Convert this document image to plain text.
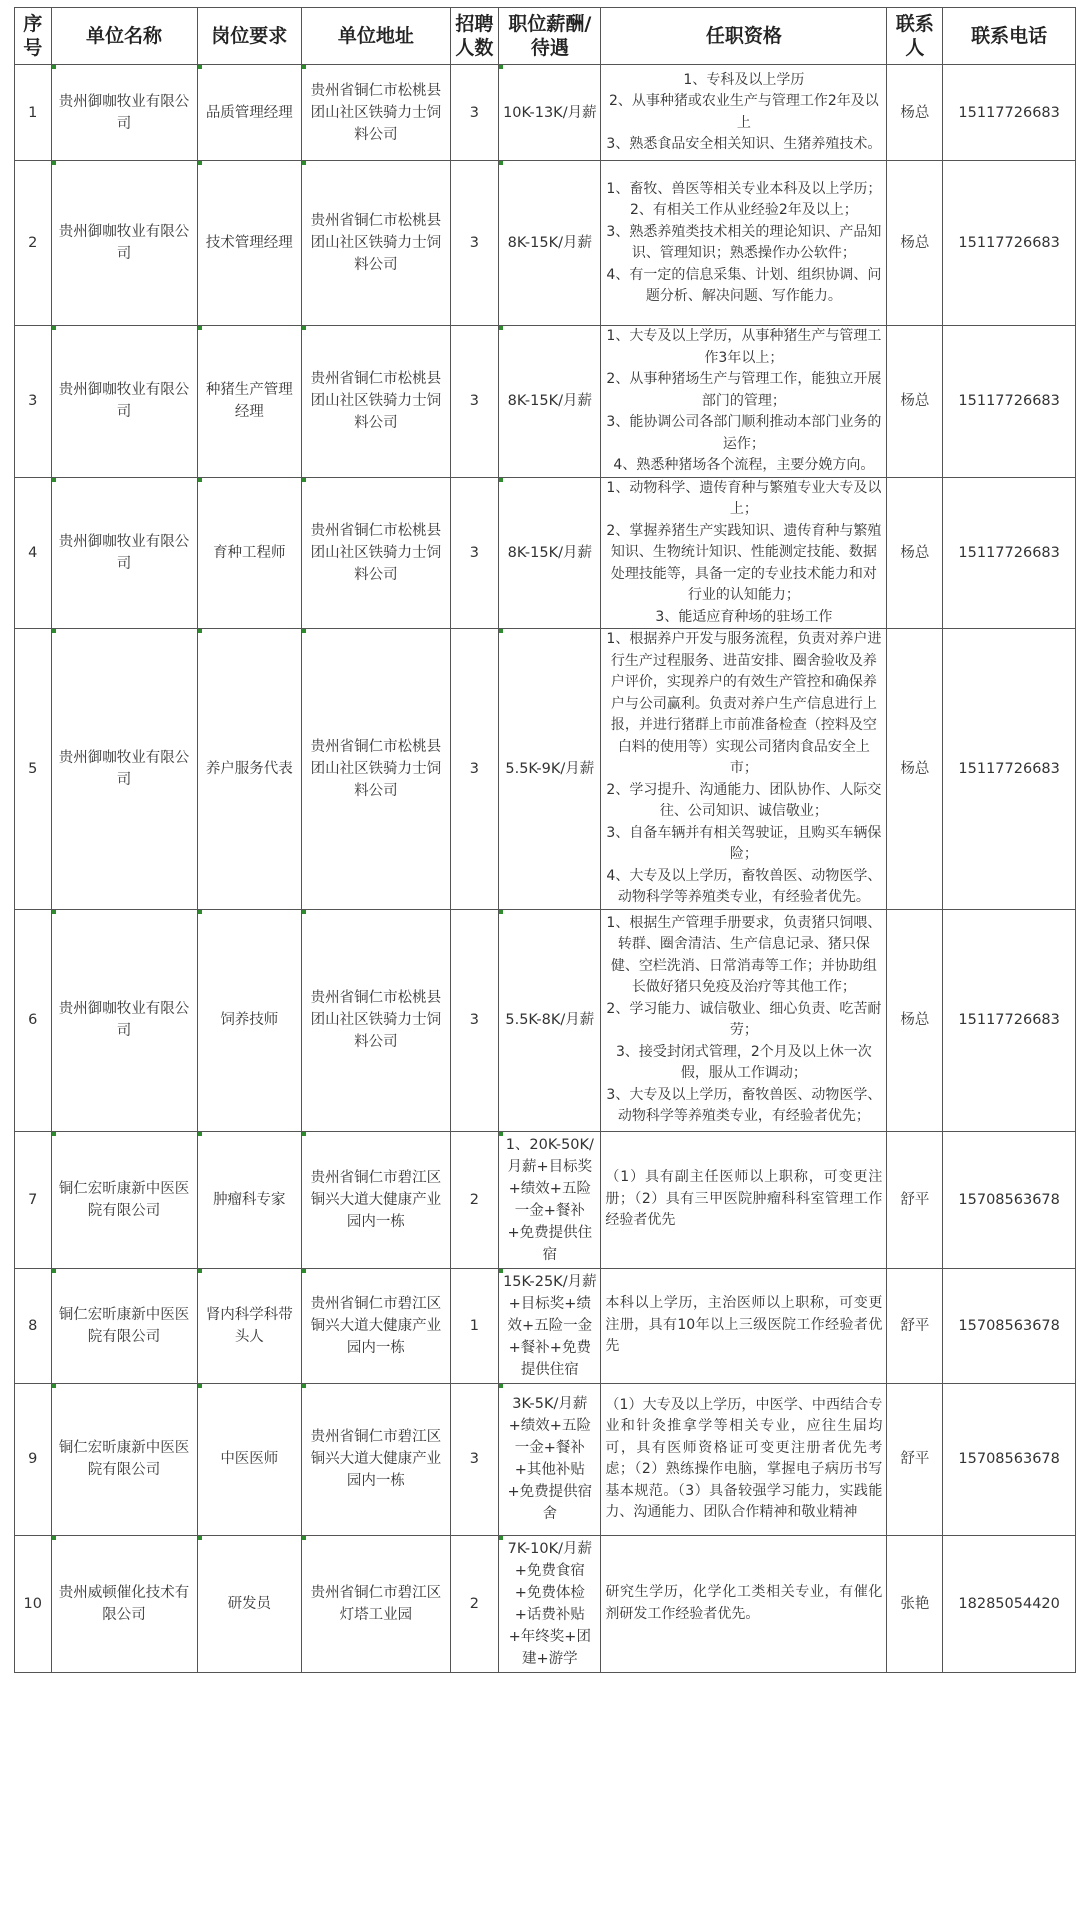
序号	单位名称	岗位要求	单位地址	招聘人数	职位薪酬/待遇	任职资格	联系人	联系电话
1	贵州御咖牧业有限公司	品质管理经理	贵州省铜仁市松桃县团山社区铁骑力士饲料公司	3	10K-13K/月薪	1、专科及以上学历
2、从事种猪或农业生产与管理工作2年及以上
3、熟悉食品安全相关知识、生猪养殖技术。	杨总	15117726683
2	贵州御咖牧业有限公司	技术管理经理	贵州省铜仁市松桃县团山社区铁骑力士饲料公司	3	8K-15K/月薪	1、畜牧、兽医等相关专业本科及以上学历；
2、有相关工作从业经验2年及以上；
3、熟悉养殖类技术相关的理论知识、产品知识、管理知识；熟悉操作办公软件；
4、有一定的信息采集、计划、组织协调、问题分析、解决问题、写作能力。	杨总	15117726683
3	贵州御咖牧业有限公司	种猪生产管理经理	贵州省铜仁市松桃县团山社区铁骑力士饲料公司	3	8K-15K/月薪	1、大专及以上学历，从事种猪生产与管理工作3年以上；
2、从事种猪场生产与管理工作，能独立开展部门的管理；
3、能协调公司各部门顺利推动本部门业务的运作；
4、熟悉种猪场各个流程，主要分娩方向。	杨总	15117726683
4	贵州御咖牧业有限公司	育种工程师	贵州省铜仁市松桃县团山社区铁骑力士饲料公司	3	8K-15K/月薪	1、动物科学、遗传育种与繁殖专业大专及以上；
2、掌握养猪生产实践知识、遗传育种与繁殖知识、生物统计知识、性能测定技能、数据处理技能等，具备一定的专业技术能力和对行业的认知能力；
3、能适应育种场的驻场工作	杨总	15117726683
5	贵州御咖牧业有限公司	养户服务代表	贵州省铜仁市松桃县团山社区铁骑力士饲料公司	3	5.5K-9K/月薪	1、根据养户开发与服务流程，负责对养户进行生产过程服务、进苗安排、圈舍验收及养户评价，实现养户的有效生产管控和确保养户与公司赢利。负责对养户生产信息进行上报，并进行猪群上市前准备检查（控料及空白料的使用等）实现公司猪肉食品安全上市；
2、学习提升、沟通能力、团队协作、人际交往、公司知识、诚信敬业；
3、自备车辆并有相关驾驶证，且购买车辆保险；
4、大专及以上学历，畜牧兽医、动物医学、动物科学等养殖类专业，有经验者优先。	杨总	15117726683
6	贵州御咖牧业有限公司	饲养技师	贵州省铜仁市松桃县团山社区铁骑力士饲料公司	3	5.5K-8K/月薪	1、根据生产管理手册要求，负责猪只饲喂、转群、圈舍清洁、生产信息记录、猪只保健、空栏洗消、日常消毒等工作；并协助组长做好猪只免疫及治疗等其他工作；
2、学习能力、诚信敬业、细心负责、吃苦耐劳；
3、接受封闭式管理，2个月及以上休一次假，服从工作调动；
3、大专及以上学历，畜牧兽医、动物医学、动物科学等养殖类专业，有经验者优先；	杨总	15117726683
7	铜仁宏昕康新中医医院有限公司	肿瘤科专家	贵州省铜仁市碧江区铜兴大道大健康产业园内一栋	2	1、20K-50K/月薪+目标奖+绩效+五险一金+餐补+免费提供住宿	（1）具有副主任医师以上职称，可变更注册；（2）具有三甲医院肿瘤科科室管理工作经验者优先	舒平	15708563678
8	铜仁宏昕康新中医医院有限公司	肾内科学科带头人	贵州省铜仁市碧江区铜兴大道大健康产业园内一栋	1	15K-25K/月薪+目标奖+绩效+五险一金+餐补+免费提供住宿	本科以上学历，主治医师以上职称，可变更注册，具有10年以上三级医院工作经验者优先	舒平	15708563678
9	铜仁宏昕康新中医医院有限公司	中医医师	贵州省铜仁市碧江区铜兴大道大健康产业园内一栋	3	3K-5K/月薪+绩效+五险一金+餐补+其他补贴+免费提供宿舍	（1）大专及以上学历，中医学、中西结合专业和针灸推拿学等相关专业，应往生届均可，具有医师资格证可变更注册者优先考虑；（2）熟练操作电脑，掌握电子病历书写基本规范。（3）具备较强学习能力，实践能力、沟通能力、团队合作精神和敬业精神	舒平	15708563678
10	贵州威顿催化技术有限公司	研发员	贵州省铜仁市碧江区灯塔工业园	2	7K-10K/月薪+免费食宿+免费体检+话费补贴+年终奖+团建+游学	研究生学历，化学化工类相关专业，有催化剂研发工作经验者优先。	张艳	18285054420
